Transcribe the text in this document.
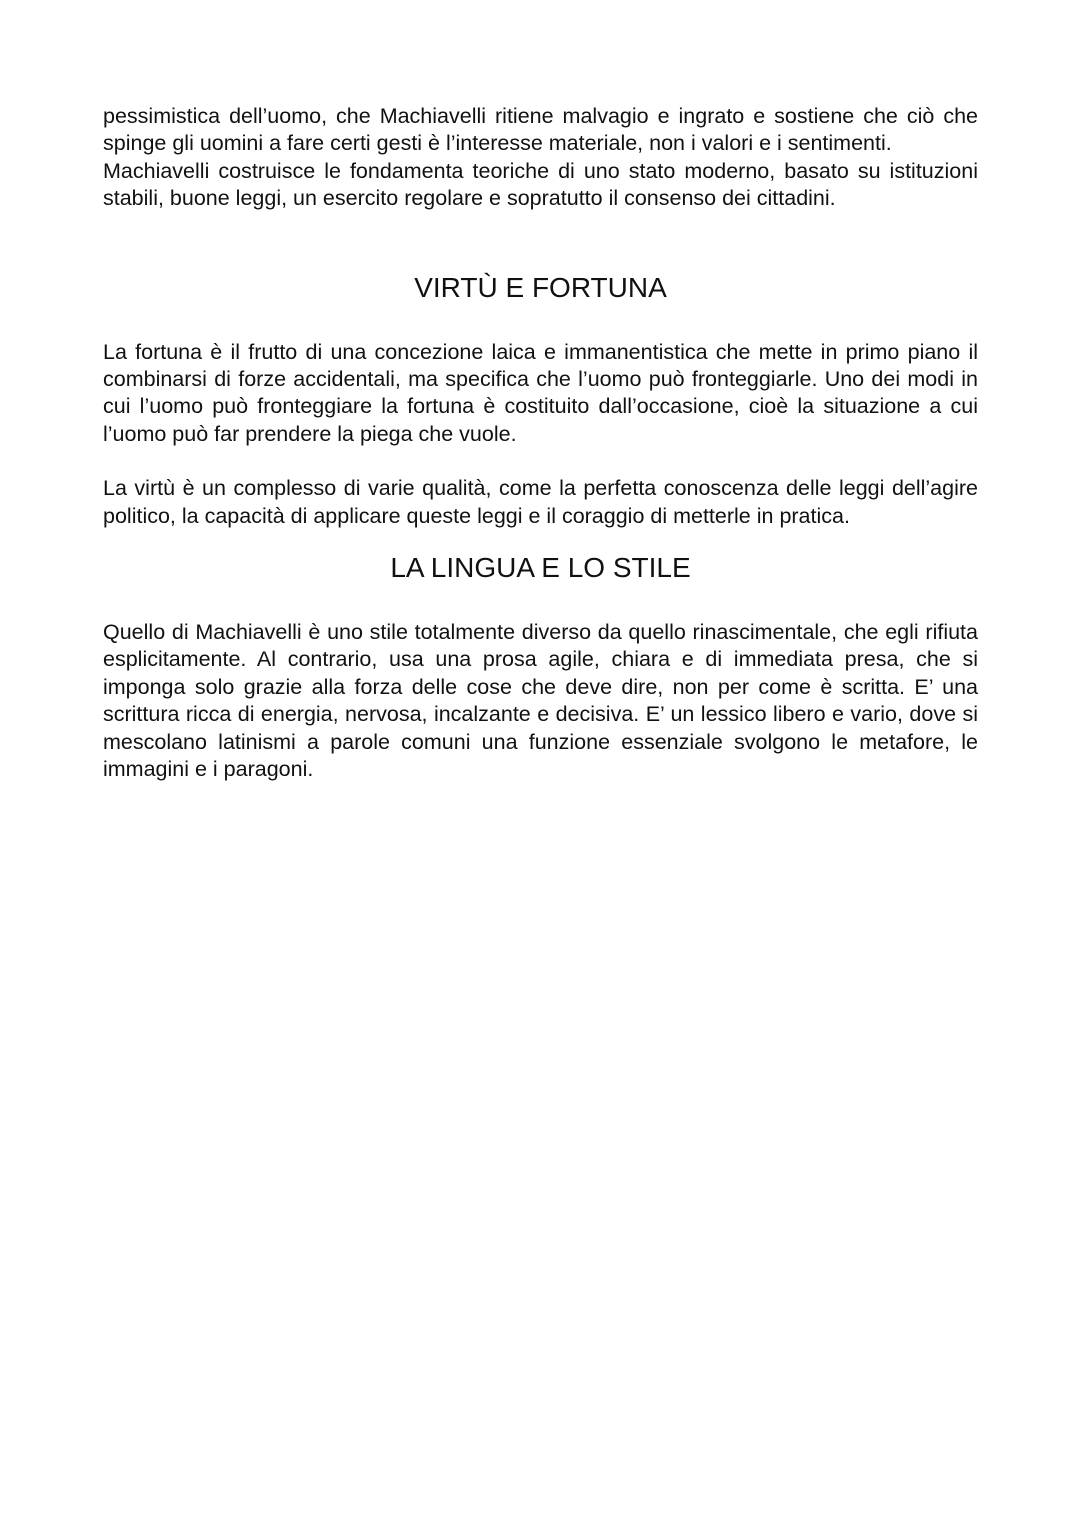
pessimistica dell’uomo, che Machiavelli ritiene malvagio e ingrato e sostiene che ciò che spinge gli uomini a fare certi gesti è l’interesse materiale, non i valori e i sentimenti.

Machiavelli costruisce le fondamenta teoriche di uno stato moderno, basato su istituzioni stabili, buone leggi, un esercito regolare e sopratutto il consenso dei cittadini.

VIRTÙ E FORTUNA

La fortuna è il frutto di una concezione laica e immanentistica che mette in primo piano il combinarsi di forze accidentali, ma specifica che l’uomo può fronteggiarle. Uno dei modi in cui l’uomo può fronteggiare la fortuna è costituito dall’occasione, cioè la situazione a cui l’uomo può far prendere la piega che vuole.

La virtù è un complesso di varie qualità, come la perfetta conoscenza delle leggi dell’agire politico, la capacità di applicare queste leggi e il coraggio di metterle in pratica.

LA LINGUA E LO STILE

Quello di Machiavelli è uno stile totalmente diverso da quello rinascimentale, che egli rifiuta esplicitamente. Al contrario, usa una prosa agile, chiara e di immediata presa, che si imponga solo grazie alla forza delle cose che deve dire, non per come è scritta. E’ una scrittura ricca di energia, nervosa, incalzante e decisiva. E’ un lessico libero e vario, dove si mescolano latinismi a parole comuni una funzione essenziale svolgono le metafore, le immagini e i paragoni.
